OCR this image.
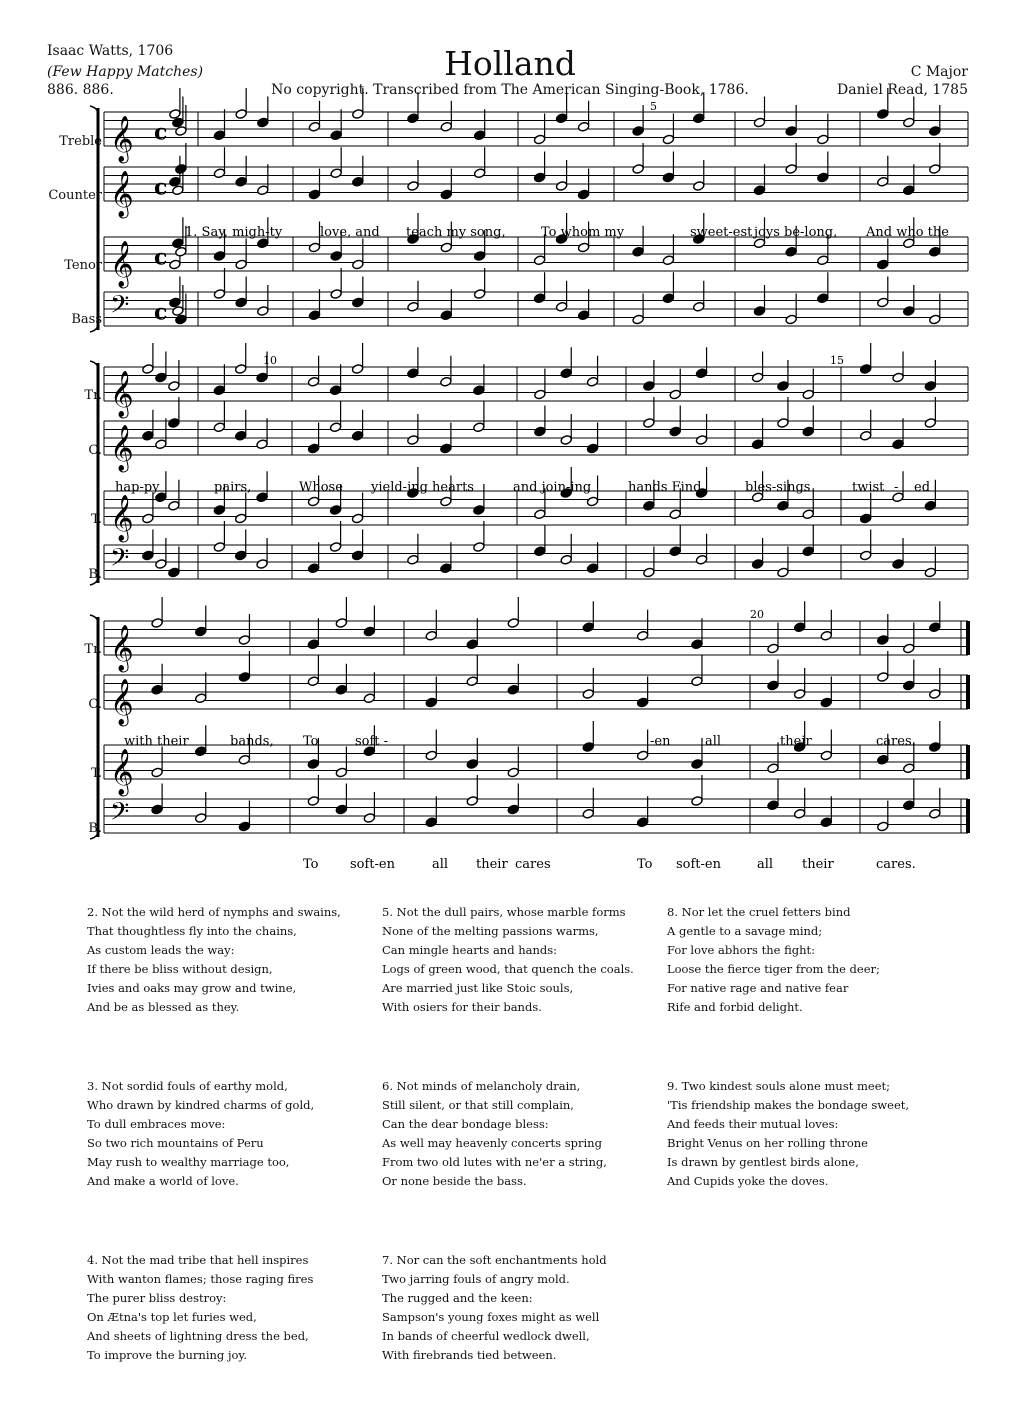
Isaac Watts, 1706
(Few Happy Matches)
886. 886.
Holland
No copyright. Transcribed from The American Singing-Book, 1786.
C Major
Daniel Read, 1785
Treble
Counter
Tenor
Bass
Tr.
C.
T.
B.
Tr.
C.
T.
B.
𝄞 c
𝄞 c
𝄞 c
𝄢 c
𝄞
𝄞
𝄞
𝄢
𝄞
𝄞
𝄞
𝄢
5
10	15
20
1. Say, migh-ty	love, and teach my song,	To whom my	sweet-est joys be-long, And who the
hap-py	pairs,	Whose yield-ing hearts	and join-ing	hands Find	bles-sings	twist - ed
with their	bands, To	soft -	-en	all	their	cares.
To soft-en	all their cares	To soft-en	all their	cares.

2. Not the wild herd of nymphs and swains,
That thoughtless fly into the chains,
As custom leads the way:
If there be bliss without design,
Ivies and oaks may grow and twine,
And be as blessed as they.

3. Not sordid fouls of earthy mold,
Who drawn by kindred charms of gold,
To dull embraces move:
So two rich mountains of Peru
May rush to wealthy marriage too,
And make a world of love.

4. Not the mad tribe that hell inspires
With wanton flames; those raging fires
The purer bliss destroy:
On Ætna's top let furies wed,
And sheets of lightning dress the bed,
To improve the burning joy.

5. Not the dull pairs, whose marble forms
None of the melting passions warms,
Can mingle hearts and hands:
Logs of green wood, that quench the coals.
Are married just like Stoic souls,
With osiers for their bands.

6. Not minds of melancholy drain,
Still silent, or that still complain,
Can the dear bondage bless:
As well may heavenly concerts spring
From two old lutes with ne'er a string,
Or none beside the bass.

7. Nor can the soft enchantments hold
Two jarring fouls of angry mold.
The rugged and the keen:
Sampson's young foxes might as well
In bands of cheerful wedlock dwell,
With firebrands tied between.

8. Nor let the cruel fetters bind
A gentle to a savage mind;
For love abhors the fight:
Loose the fierce tiger from the deer;
For native rage and native fear
Rife and forbid delight.

9. Two kindest souls alone must meet;
'Tis friendship makes the bondage sweet,
And feeds their mutual loves:
Bright Venus on her rolling throne
Is drawn by gentlest birds alone,
And Cupids yoke the doves.
